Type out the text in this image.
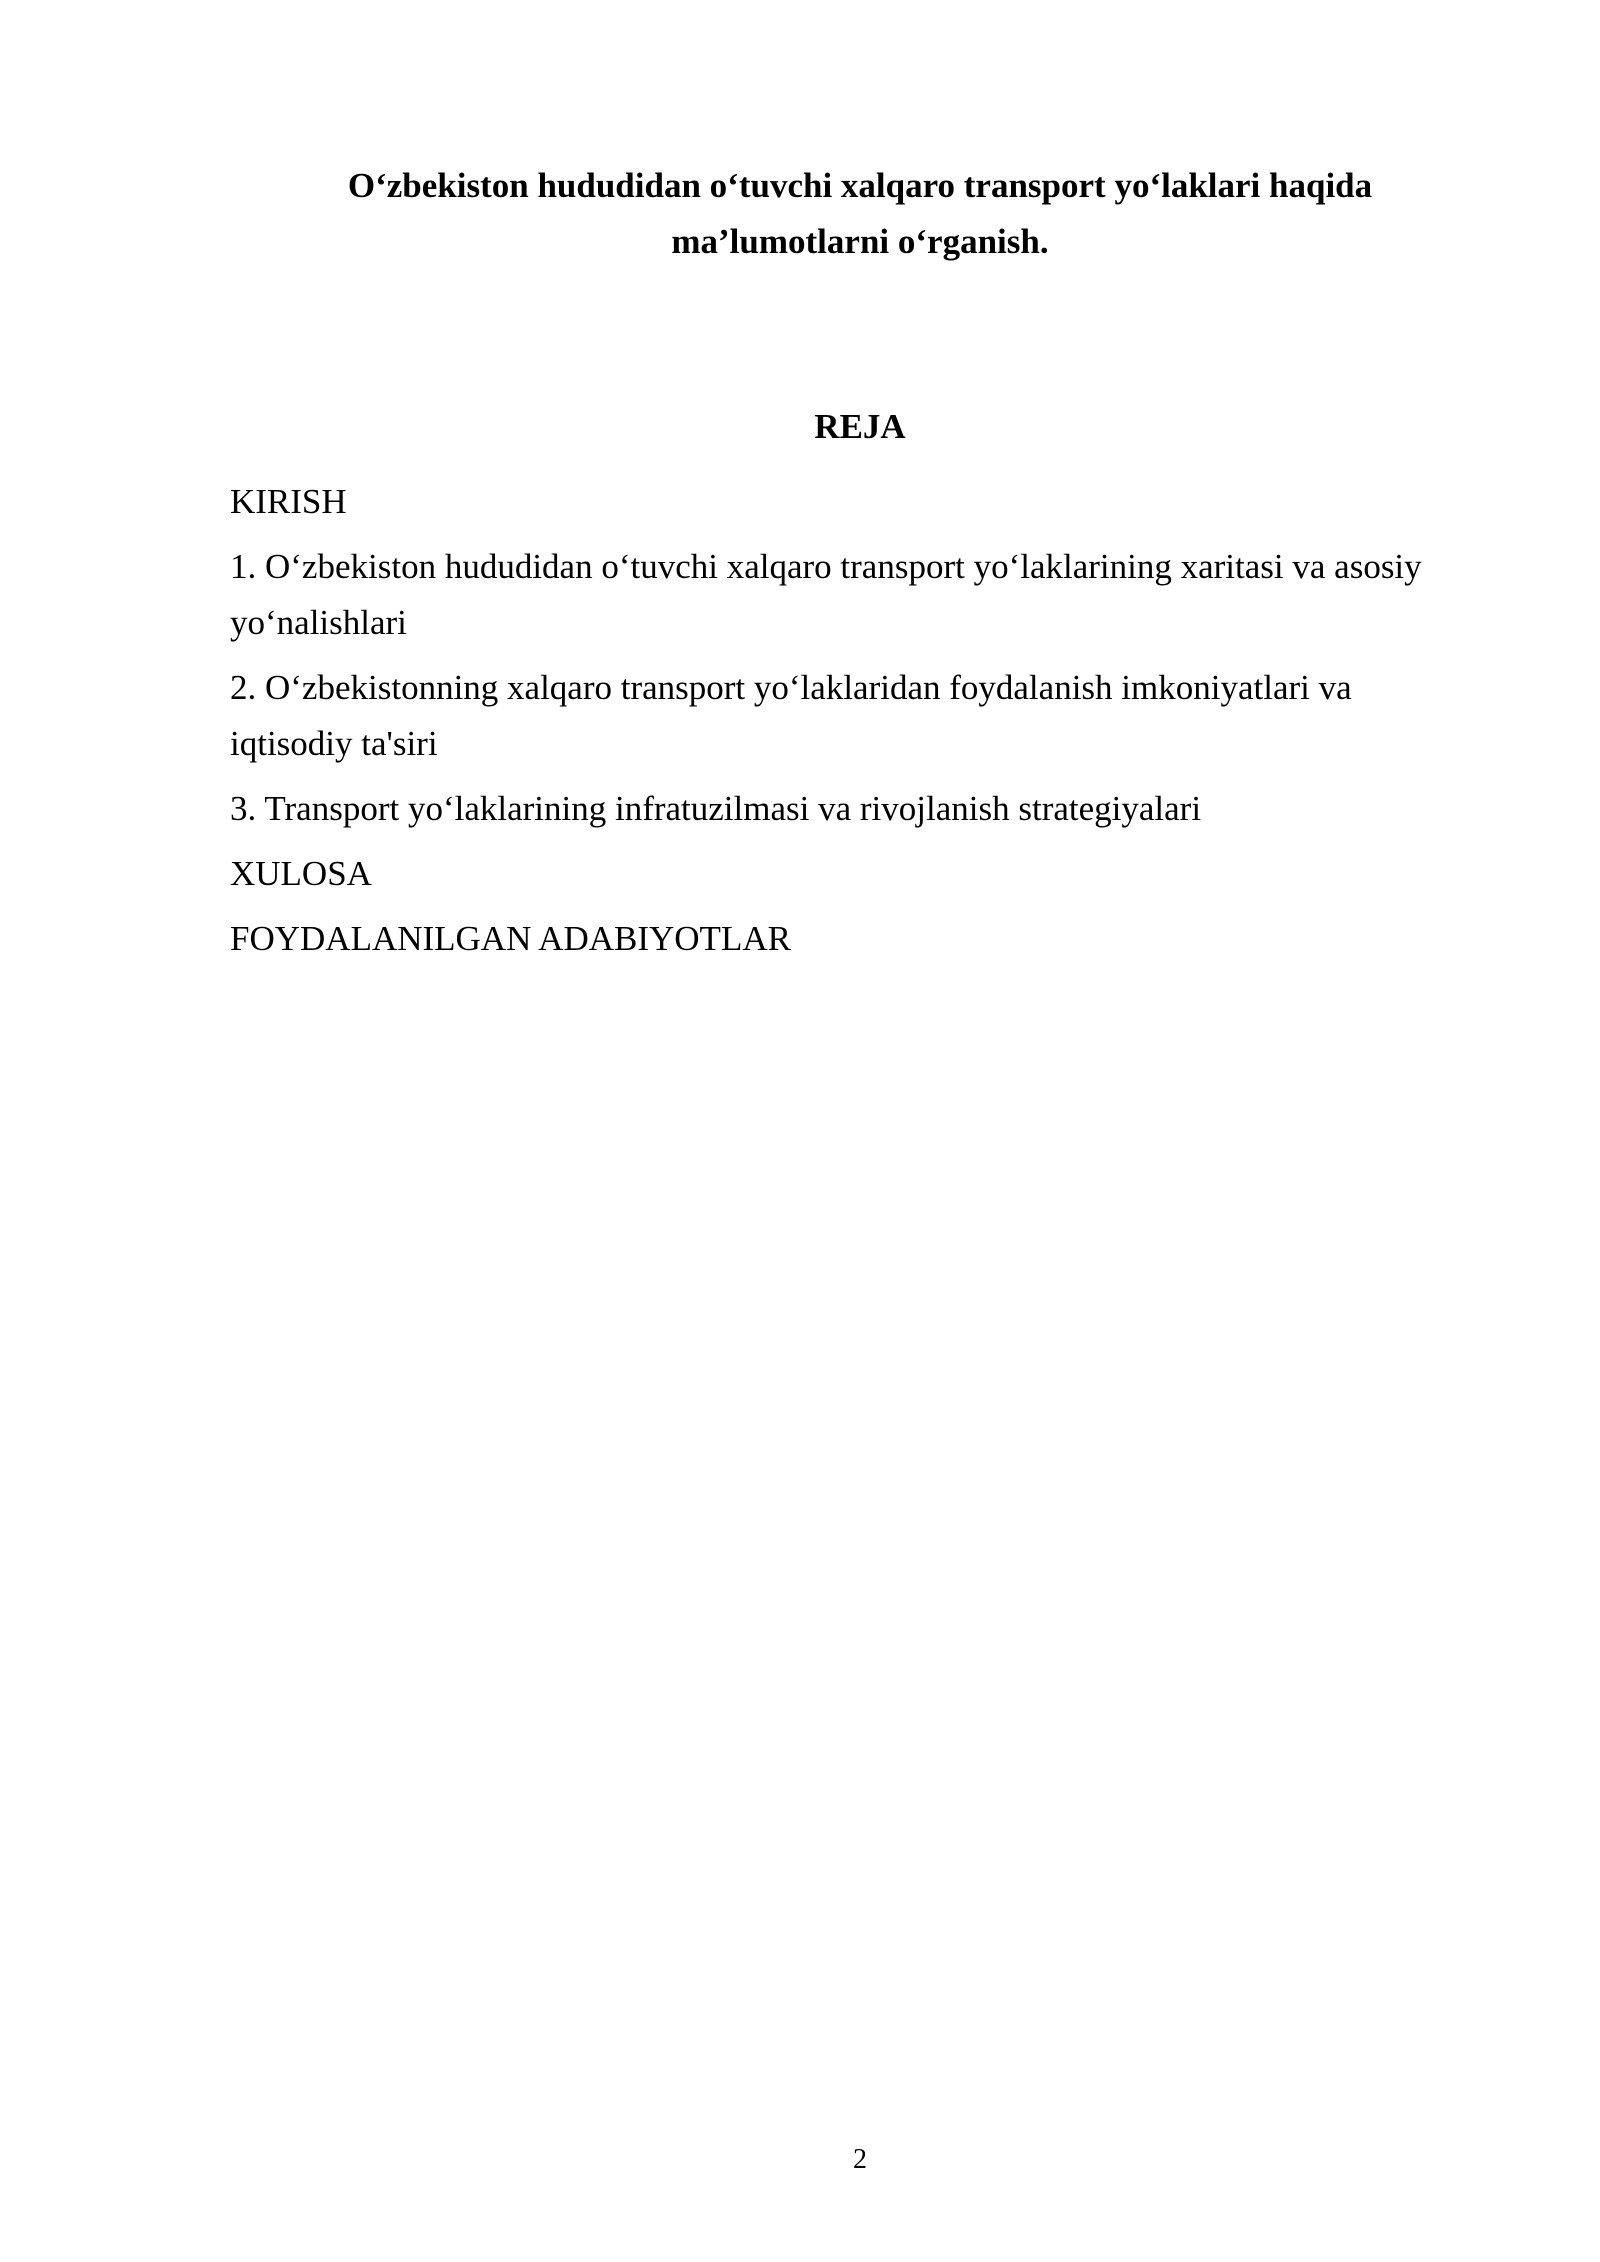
O‘zbekiston hududidan o‘tuvchi xalqaro transport yo‘laklari haqida
ma’lumotlarni o‘rganish.
REJA
KIRISH
1. O‘zbekiston hududidan o‘tuvchi xalqaro transport yo‘laklarining xaritasi va asosiy yo‘nalishlari
2. O‘zbekistonning xalqaro transport yo‘laklaridan foydalanish imkoniyatlari va iqtisodiy ta'siri
3. Transport yo‘laklarining infratuzilmasi va rivojlanish strategiyalari
XULOSA
FOYDALANILGAN ADABIYOTLAR

2
